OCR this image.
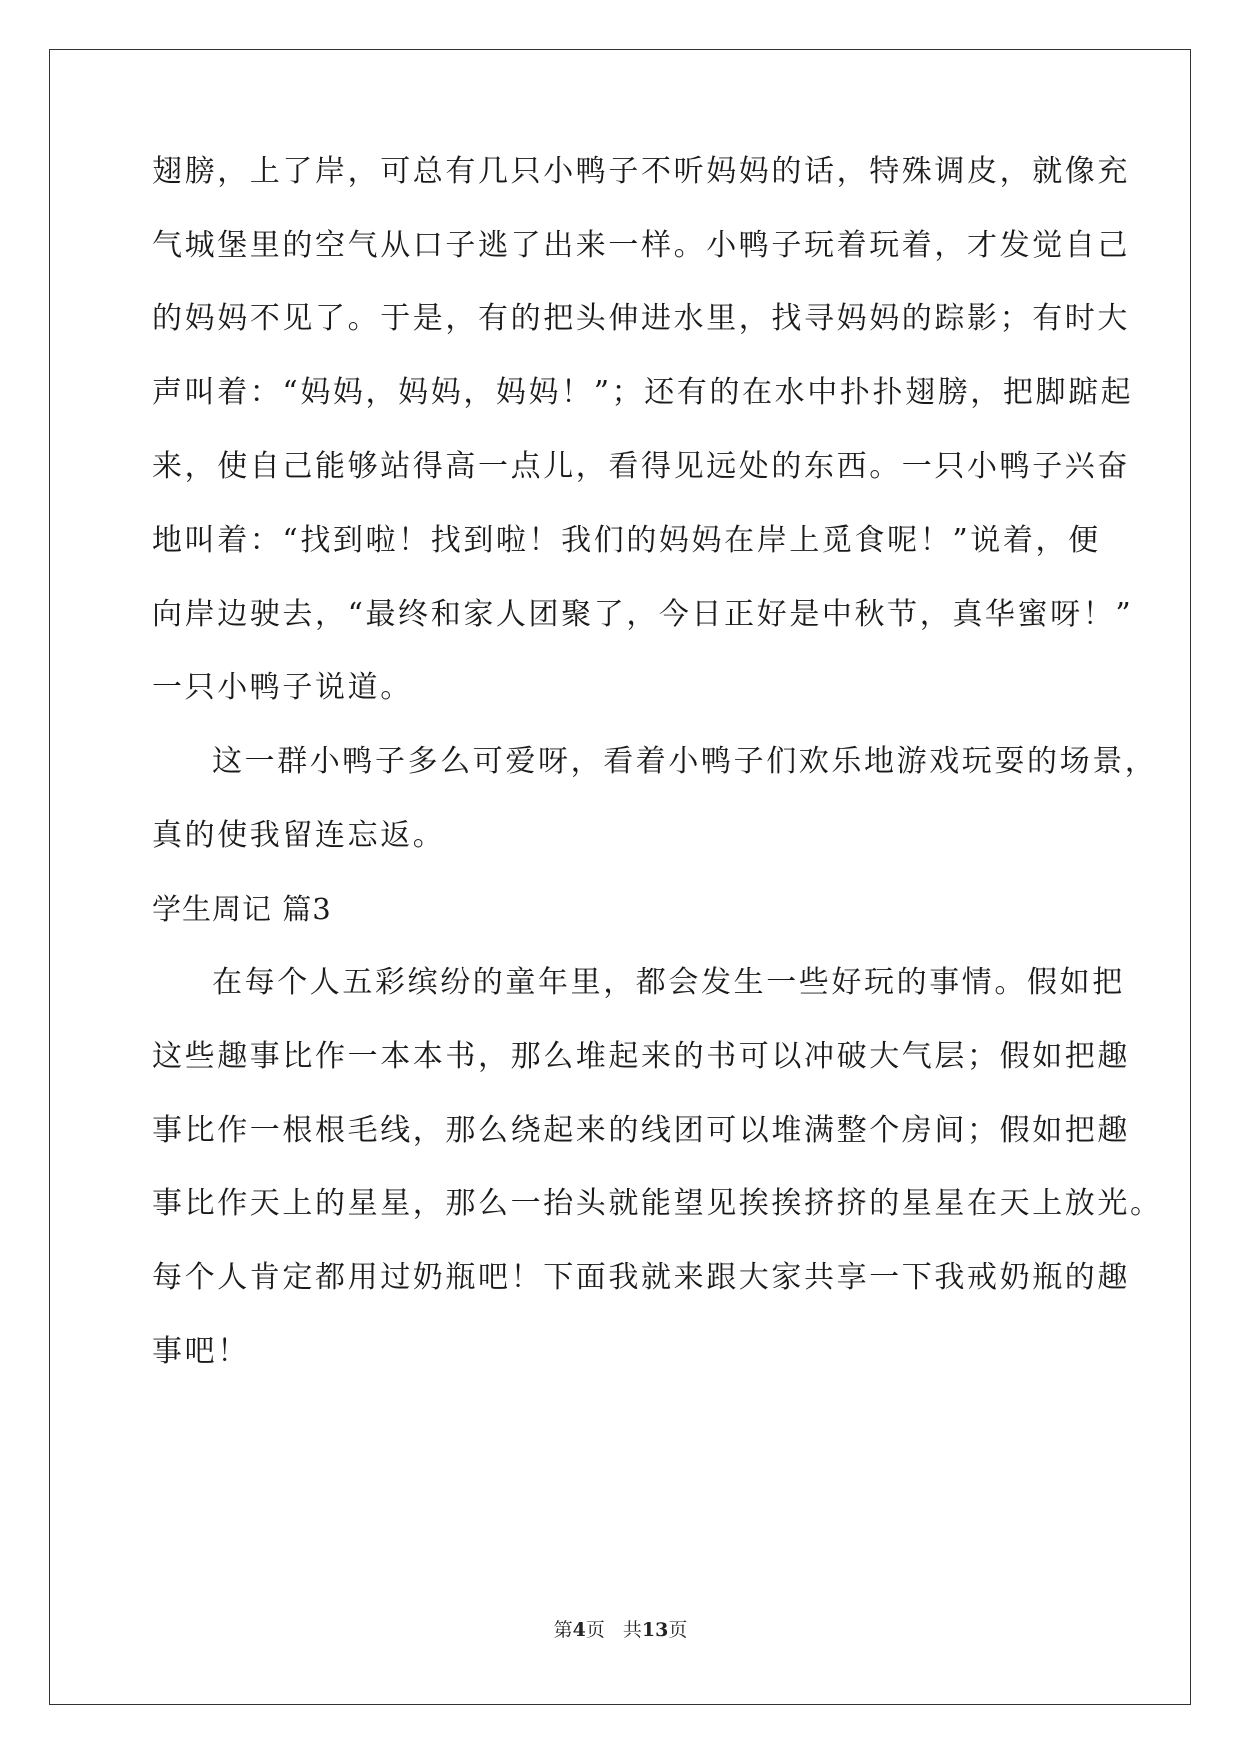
翅膀，上了岸，可总有几只小鸭子不听妈妈的话，特殊调皮，就像充
气城堡里的空气从口子逃了出来一样。小鸭子玩着玩着，才发觉自己
的妈妈不见了。于是，有的把头伸进水里，找寻妈妈的踪影；有时大
声叫着：“妈妈，妈妈，妈妈！”；还有的在水中扑扑翅膀，把脚踮起
来，使自己能够站得高一点儿，看得见远处的东西。一只小鸭子兴奋
地叫着：“找到啦！找到啦！我们的妈妈在岸上觅食呢！”说着，便
向岸边驶去，“最终和家人团聚了，今日正好是中秋节，真华蜜呀！”
一只小鸭子说道。
这一群小鸭子多么可爱呀，看着小鸭子们欢乐地游戏玩耍的场景，
真的使我留连忘返。
学生周记 篇3
在每个人五彩缤纷的童年里，都会发生一些好玩的事情。假如把
这些趣事比作一本本书，那么堆起来的书可以冲破大气层；假如把趣
事比作一根根毛线，那么绕起来的线团可以堆满整个房间；假如把趣
事比作天上的星星，那么一抬头就能望见挨挨挤挤的星星在天上放光。
每个人肯定都用过奶瓶吧！下面我就来跟大家共享一下我戒奶瓶的趣
事吧！
第4页 共13页
